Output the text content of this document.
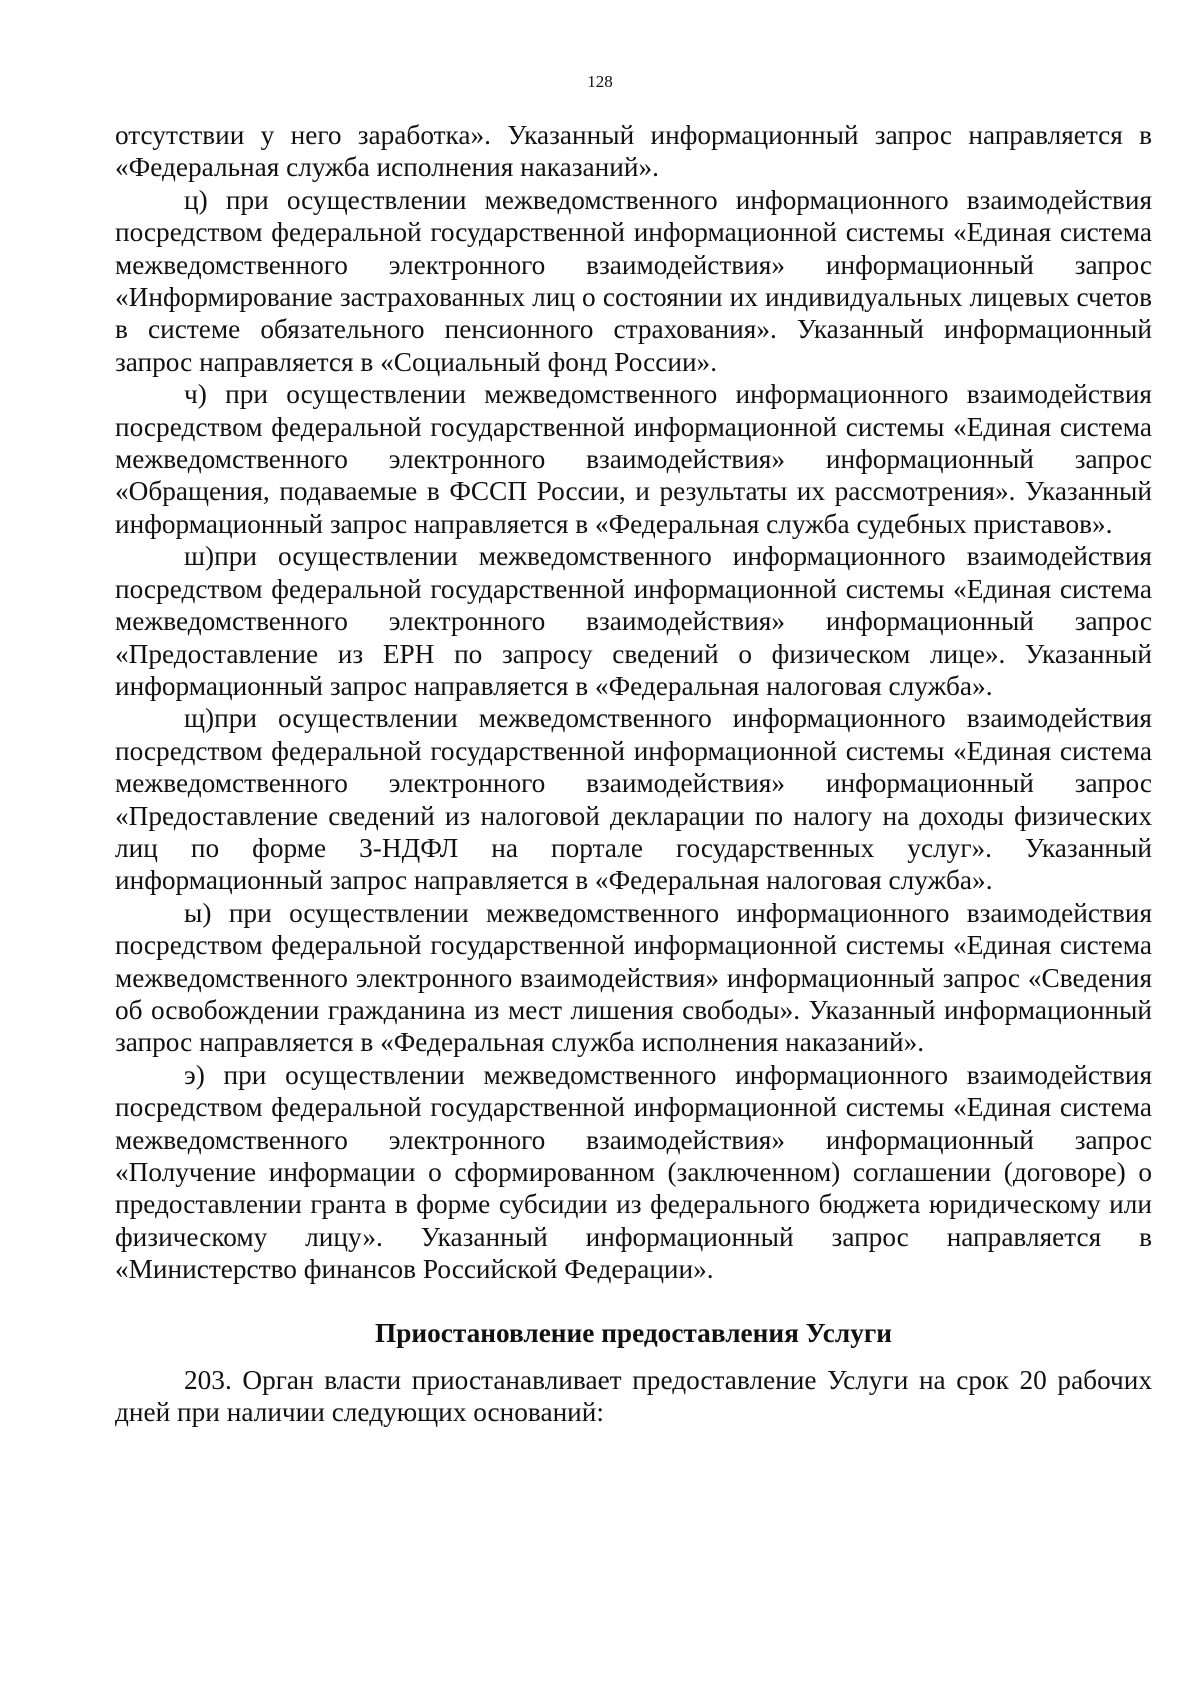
128

отсутствии у него заработка». Указанный информационный запрос направляется в «Федеральная служба исполнения наказаний».

ц) при осуществлении межведомственного информационного взаимодействия посредством федеральной государственной информационной системы «Единая система межведомственного электронного взаимодействия» информационный запрос «Информирование застрахованных лиц о состоянии их индивидуальных лицевых счетов в системе обязательного пенсионного страхования». Указанный информационный запрос направляется в «Социальный фонд России».

ч) при осуществлении межведомственного информационного взаимодействия посредством федеральной государственной информационной системы «Единая система межведомственного электронного взаимодействия» информационный запрос «Обращения, подаваемые в ФССП России, и результаты их рассмотрения». Указанный информационный запрос направляется в «Федеральная служба судебных приставов».

ш)при осуществлении межведомственного информационного взаимодействия посредством федеральной государственной информационной системы «Единая система межведомственного электронного взаимодействия» информационный запрос «Предоставление из ЕРН по запросу сведений о физическом лице». Указанный информационный запрос направляется в «Федеральная налоговая служба».

щ)при осуществлении межведомственного информационного взаимодействия посредством федеральной государственной информационной системы «Единая система межведомственного электронного взаимодействия» информационный запрос «Предоставление сведений из налоговой декларации по налогу на доходы физических лиц по форме 3-НДФЛ на портале государственных услуг». Указанный информационный запрос направляется в «Федеральная налоговая служба».

ы) при осуществлении межведомственного информационного взаимодействия посредством федеральной государственной информационной системы «Единая система межведомственного электронного взаимодействия» информационный запрос «Сведения об освобождении гражданина из мест лишения свободы». Указанный информационный запрос направляется в «Федеральная служба исполнения наказаний».

э) при осуществлении межведомственного информационного взаимодействия посредством федеральной государственной информационной системы «Единая система межведомственного электронного взаимодействия» информационный запрос «Получение информации о сформированном (заключенном) соглашении (договоре) о предоставлении гранта в форме субсидии из федерального бюджета юридическому или физическому лицу». Указанный информационный запрос направляется в «Министерство финансов Российской Федерации».

Приостановление предоставления Услуги

203. Орган власти приостанавливает предоставление Услуги на срок 20 рабочих дней при наличии следующих оснований:
